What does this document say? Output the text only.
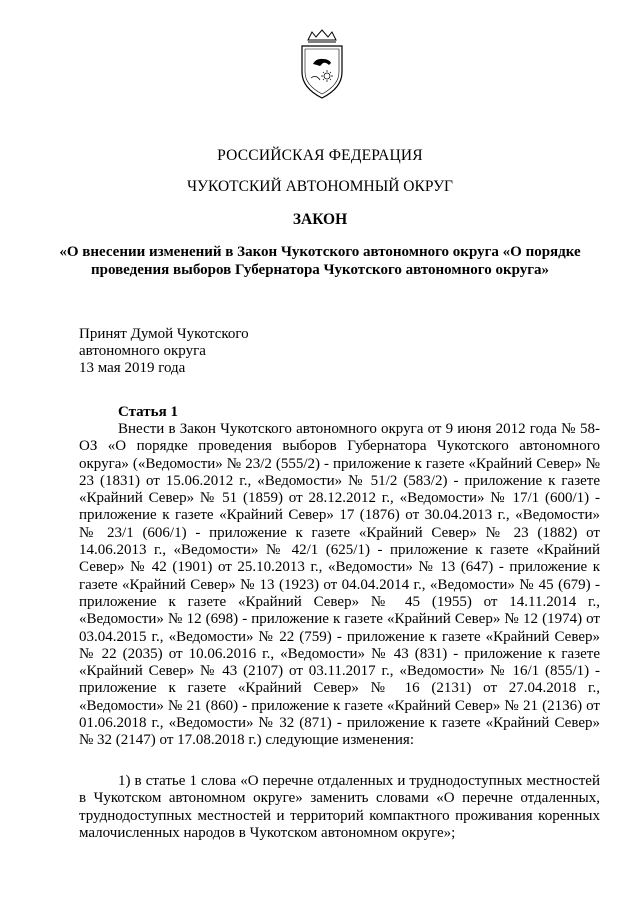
РОССИЙСКАЯ ФЕДЕРАЦИЯ
ЧУКОТСКИЙ АВТОНОМНЫЙ ОКРУГ
ЗАКОН
«О внесении изменений в Закон Чукотского автономного округа «О порядке проведения выборов Губернатора Чукотского автономного округа»
Принят Думой Чукотского
автономного округа
13 мая 2019 года
Статья 1
Внести в Закон Чукотского автономного округа от 9 июня 2012 года № 58-ОЗ «О порядке проведения выборов Губернатора Чукотского автономного округа» («Ведомости» № 23/2 (555/2) - приложение к газете «Крайний Север» № 23 (1831) от 15.06.2012 г., «Ведомости» № 51/2 (583/2) - приложение к газете «Крайний Север» № 51 (1859) от 28.12.2012 г., «Ведомости» № 17/1 (600/1) - приложение к газете «Крайний Север» 17 (1876) от 30.04.2013 г., «Ведомости» № 23/1 (606/1) - приложение к газете «Крайний Север» № 23 (1882) от 14.06.2013 г., «Ведомости» № 42/1 (625/1) - приложение к газете «Крайний Север» № 42 (1901) от 25.10.2013 г., «Ведомости» № 13 (647) - приложение к газете «Крайний Север» № 13 (1923) от 04.04.2014 г., «Ведомости» № 45 (679) - приложение к газете «Крайний Север» № 45 (1955) от 14.11.2014 г., «Ведомости» № 12 (698) - приложение к газете «Крайний Север» № 12 (1974) от 03.04.2015 г., «Ведомости» № 22 (759) - приложение к газете «Крайний Север» № 22 (2035) от 10.06.2016 г., «Ведомости» № 43 (831) - приложение к газете «Крайний Север» № 43 (2107) от 03.11.2017 г., «Ведомости» № 16/1 (855/1) - приложение к газете «Крайний Север» № 16 (2131) от 27.04.2018 г., «Ведомости» № 21 (860) - приложение к газете «Крайний Север» № 21 (2136) от 01.06.2018 г., «Ведомости» № 32 (871) - приложение к газете «Крайний Север» № 32 (2147) от 17.08.2018 г.) следующие изменения:
1) в статье 1 слова «О перечне отдаленных и труднодоступных местностей в Чукотском автономном округе» заменить словами «О перечне отдаленных, труднодоступных местностей и территорий компактного проживания коренных малочисленных народов в Чукотском автономном округе»;
